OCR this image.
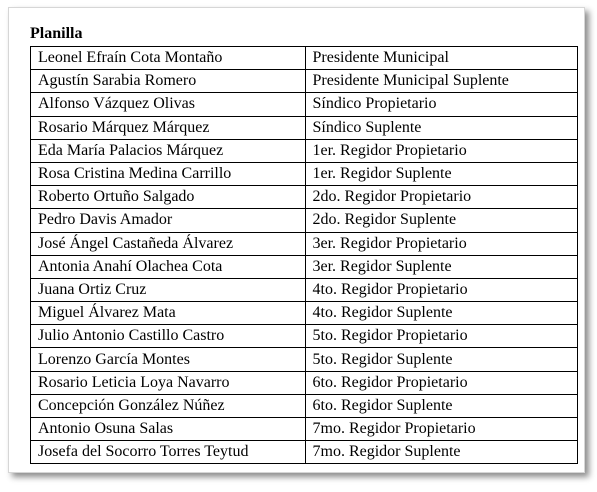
Planilla
Leonel Efraín Cota Montaño	Presidente Municipal
Agustín Sarabia Romero	Presidente Municipal Suplente
Alfonso Vázquez Olivas	Síndico Propietario
Rosario Márquez Márquez	Síndico Suplente
Eda María Palacios Márquez	1er. Regidor Propietario
Rosa Cristina Medina Carrillo	1er. Regidor Suplente
Roberto Ortuño Salgado	2do. Regidor Propietario
Pedro Davis Amador	2do. Regidor Suplente
José Ángel Castañeda Álvarez	3er. Regidor Propietario
Antonia Anahí Olachea Cota	3er. Regidor Suplente
Juana Ortiz Cruz	4to. Regidor Propietario
Miguel Álvarez Mata	4to. Regidor Suplente
Julio Antonio Castillo Castro	5to. Regidor Propietario
Lorenzo García Montes	5to. Regidor Suplente
Rosario Leticia Loya Navarro	6to. Regidor Propietario
Concepción González Núñez	6to. Regidor Suplente
Antonio Osuna Salas	7mo. Regidor Propietario
Josefa del Socorro Torres Teytud	7mo. Regidor Suplente
